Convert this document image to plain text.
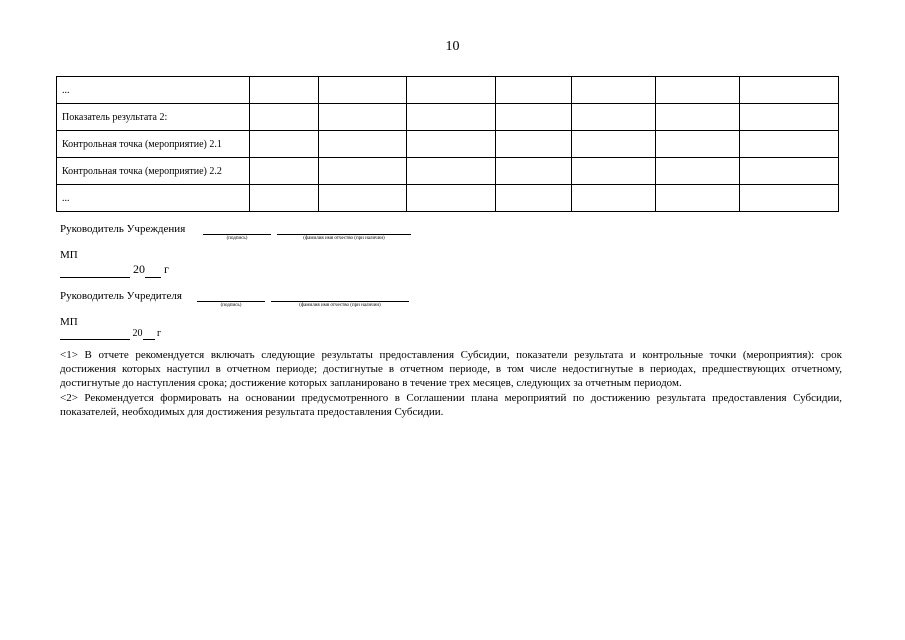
10
...							
Показатель результата 2:							
Контрольная точка (мероприятие) 2.1							
Контрольная точка (мероприятие) 2.2							
...							
Руководитель Учреждения
(подпись)	(фамилия имя отчество (при наличии)
МП
20 г
Руководитель Учредителя
(подпись)	(фамилия имя отчество (при наличии)
МП
20 г

<1> В отчете рекомендуется включать следующие результаты предоставления Субсидии, показатели результата и контрольные точки (мероприятия): срок достижения которых наступил в отчетном периоде; достигнутые в отчетном периоде, в том числе недостигнутые в периодах, предшествующих отчетному, достигнутые до наступления срока; достижение которых запланировано в течение трех месяцев, следующих за отчетным периодом.

<2> Рекомендуется формировать на основании предусмотренного в Соглашении плана мероприятий по достижению результата предоставления Субсидии, показателей, необходимых для достижения результата предоставления Субсидии.
